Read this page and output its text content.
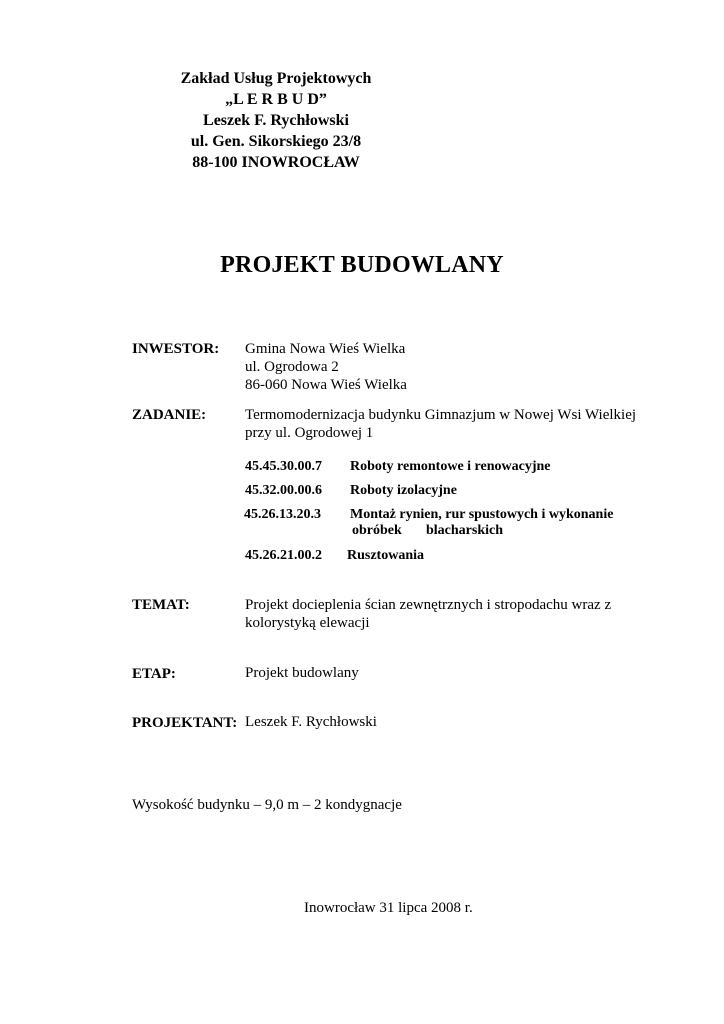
Zakład Usług Projektowych
„L E R B U D”
Leszek F. Rychłowski
ul. Gen. Sikorskiego 23/8
88-100 INOWROCŁAW
PROJEKT BUDOWLANY
INWESTOR: Gmina Nowa Wieś Wielka
ul. Ogrodowa 2
86-060 Nowa Wieś Wielka
ZADANIE:	Termomodernizacja budynku Gimnazjum w Nowej Wsi Wielkiej
przy ul. Ogrodowej 1
45.45.30.00.7 Roboty remontowe i renowacyjne
45.32.00.00.6 Roboty izolacyjne
45.26.13.20.3 Montaż rynien, rur spustowych i wykonanie
obróbek blacharskich
45.26.21.00.2 Rusztowania
TEMAT:	Projekt docieplenia ścian zewnętrznych i stropodachu wraz z
kolorystyką elewacji
ETAP:	Projekt budowlany
PROJEKTANT: Leszek F. Rychłowski
Wysokość budynku – 9,0 m – 2 kondygnacje
Inowrocław 31 lipca 2008 r.
